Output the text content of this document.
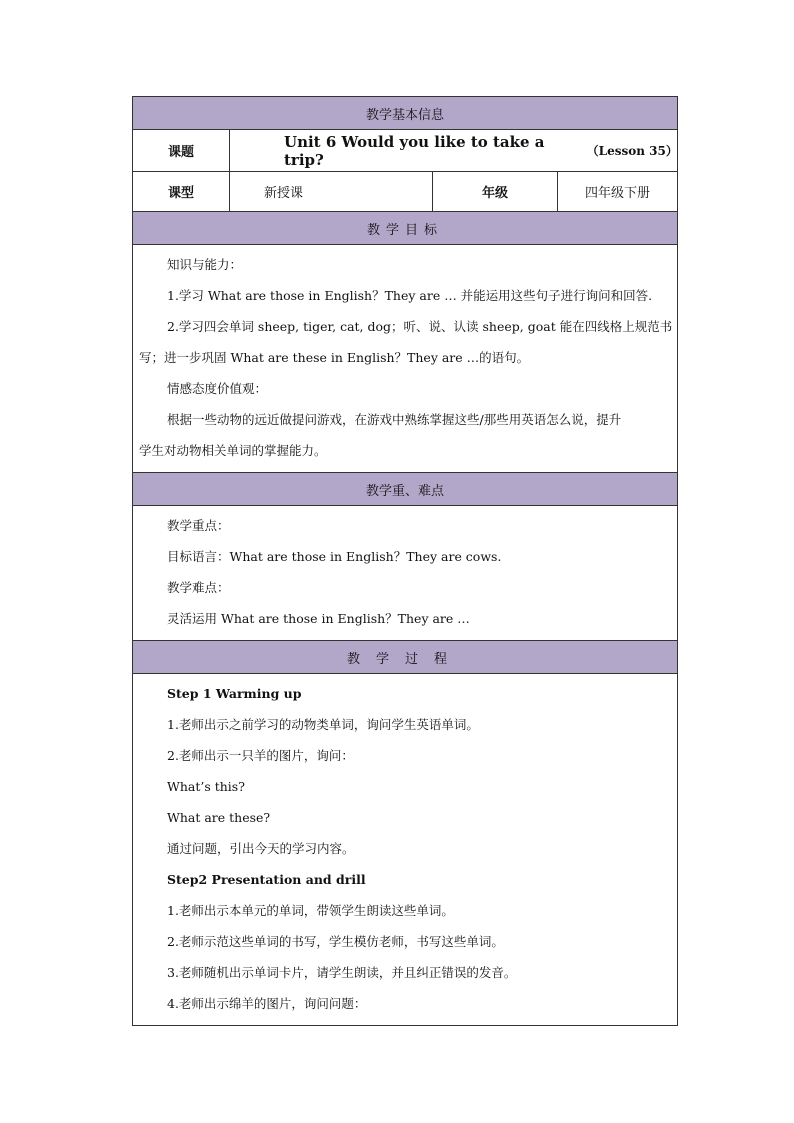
教学基本信息
课题
Unit 6 Would you like to take a trip?	（Lesson 35）
课型	新授课	年级	四年级下册
教学目标
知识与能力：
1.学习 What are those in English？They are … 并能运用这些句子进行询问和回答.
2.学习四会单词 sheep, tiger, cat, dog；听、说、认读 sheep, goat 能在四线格上规范书
写；进一步巩固 What are these in English？They are …的语句。
情感态度价值观：
根据一些动物的远近做提问游戏，在游戏中熟练掌握这些/那些用英语怎么说，提升
学生对动物相关单词的掌握能力。
教学重、难点
教学重点：
目标语言：What are those in English？They are cows.
教学难点：
灵活运用 What are those in English？They are …
教学过程
Step 1 Warming up
1.老师出示之前学习的动物类单词，询问学生英语单词。
2.老师出示一只羊的图片，询问：
What’s this?
What are these?
通过问题，引出今天的学习内容。
Step2 Presentation and drill
1.老师出示本单元的单词，带领学生朗读这些单词。
2.老师示范这些单词的书写，学生模仿老师，书写这些单词。
3.老师随机出示单词卡片，请学生朗读，并且纠正错误的发音。
4.老师出示绵羊的图片，询问问题：
